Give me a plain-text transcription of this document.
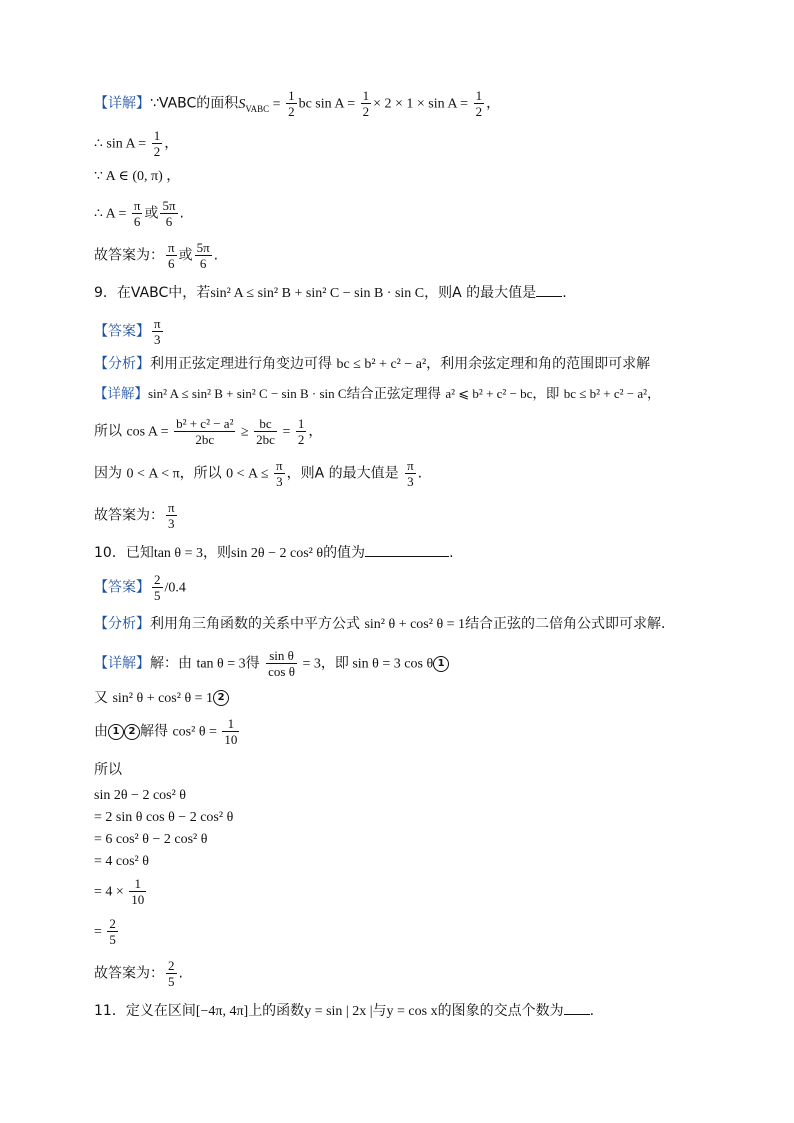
【详解】∵VABC的面积$S_{VABC} = \frac{1}{2}$ bc $\sin A = \frac{1}{2} \times 2 \times 1 \times \sin A = \frac{1}{2}$ ，
∴ $\sin A = \frac{1}{2}$ ，
∵ A ∈ (0, π) ，
∴ $A = \frac{\pi}{6}$ 或 $\frac{5\pi}{6}$ .
故答案为： $\frac{\pi}{6}$ 或 $\frac{5\pi}{6}$ .
9．在VABC中，若sin² A ≤ sin² B + sin² C − sin B · sin C，则A 的最大值是 .
【答案】 $\frac{\pi}{3}$
【分析】利用正弦定理进行角变边可得 bc ≤ b² + c² − a²，利用余弦定理和角的范围即可求解
【详解】sin² A ≤ sin² B + sin² C − sin B · sin C结合正弦定理得 a² ⩽ b² + c² − bc，即 bc ≤ b² + c² − a²，
所以 $\cos A = \frac{\text{b² + c² − a²}}{2bc} \ge \frac{bc}{2bc} = \frac{1}{2}$ ，
因为 0 < A < π，所以 $0 < A \le \frac{\pi}{3}$ ，则A 的最大值是 $\frac{\pi}{3}$ .
故答案为： $\frac{\pi}{3}$
10．已知tan θ = 3，则sin 2θ − 2 cos² θ的值为	.
【答案】 $\frac{2}{5} /0.4$
【分析】利用角三角函数的关系中平方公式 sin² θ + cos² θ = 1结合正弦的二倍角公式即可求解.
【详解】解：由 tan θ = 3得 $\frac{\text{sin θ}}{\text{cos θ}} = 3$，即 sin θ = 3 cos θ 1
又 sin² θ + cos² θ = 1 2
由 1 2 解得 cos² $\theta = \frac{1}{10}$
所以
sin 2θ − 2 cos² θ
= 2 sin θ cos θ − 2 cos² θ
= 6 cos² θ − 2 cos² θ
= 4 cos² θ
= $4 \times \frac{1}{10}$
= $\frac{2}{5}$
故答案为： $\frac{2}{5}$ .
11．定义在区间[−4π, 4π]上的函数y = sin | 2x |与y = cos x的图象的交点个数为 .
